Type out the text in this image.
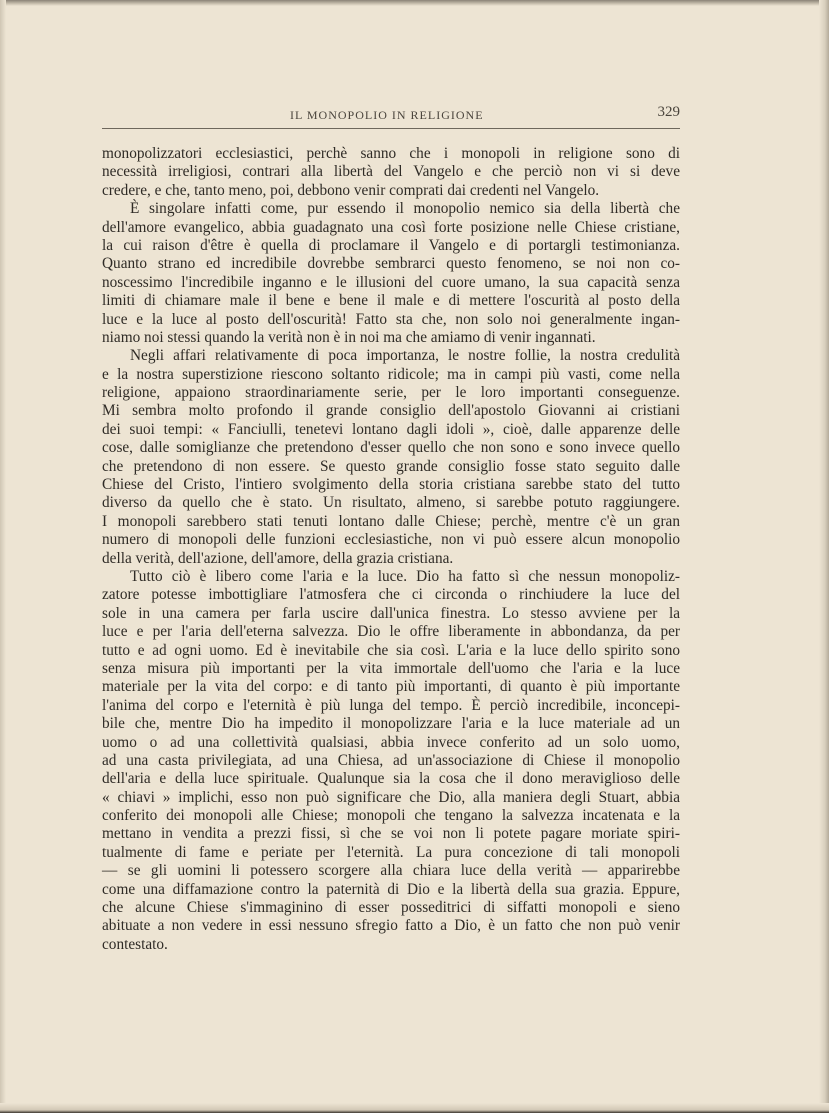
IL MONOPOLIO IN RELIGIONE	329
monopolizzatori ecclesiastici, perchè sanno che i monopoli in religione sono di
necessità irreligiosi, contrari alla libertà del Vangelo e che perciò non vi si deve
credere, e che, tanto meno, poi, debbono venir comprati dai credenti nel Vangelo.
È singolare infatti come, pur essendo il monopolio nemico sia della libertà che
dell'amore evangelico, abbia guadagnato una così forte posizione nelle Chiese cristiane,
la cui raison d'être è quella di proclamare il Vangelo e di portargli testimonianza.
Quanto strano ed incredibile dovrebbe sembrarci questo fenomeno, se noi non co-
noscessimo l'incredibile inganno e le illusioni del cuore umano, la sua capacità senza
limiti di chiamare male il bene e bene il male e di mettere l'oscurità al posto della
luce e la luce al posto dell'oscurità! Fatto sta che, non solo noi generalmente ingan-
niamo noi stessi quando la verità non è in noi ma che amiamo di venir ingannati.
Negli affari relativamente di poca importanza, le nostre follie, la nostra credulità
e la nostra superstizione riescono soltanto ridicole; ma in campi più vasti, come nella
religione, appaiono straordinariamente serie, per le loro importanti conseguenze.
Mi sembra molto profondo il grande consiglio dell'apostolo Giovanni ai cristiani
dei suoi tempi: « Fanciulli, tenetevi lontano dagli idoli », cioè, dalle apparenze delle
cose, dalle somiglianze che pretendono d'esser quello che non sono e sono invece quello
che pretendono di non essere. Se questo grande consiglio fosse stato seguito dalle
Chiese del Cristo, l'intiero svolgimento della storia cristiana sarebbe stato del tutto
diverso da quello che è stato. Un risultato, almeno, si sarebbe potuto raggiungere.
I monopoli sarebbero stati tenuti lontano dalle Chiese; perchè, mentre c'è un gran
numero di monopoli delle funzioni ecclesiastiche, non vi può essere alcun monopolio
della verità, dell'azione, dell'amore, della grazia cristiana.
Tutto ciò è libero come l'aria e la luce. Dio ha fatto sì che nessun monopoliz-
zatore potesse imbottigliare l'atmosfera che ci circonda o rinchiudere la luce del
sole in una camera per farla uscire dall'unica finestra. Lo stesso avviene per la
luce e per l'aria dell'eterna salvezza. Dio le offre liberamente in abbondanza, da per
tutto e ad ogni uomo. Ed è inevitabile che sia così. L'aria e la luce dello spirito sono
senza misura più importanti per la vita immortale dell'uomo che l'aria e la luce
materiale per la vita del corpo: e di tanto più importanti, di quanto è più importante
l'anima del corpo e l'eternità è più lunga del tempo. È perciò incredibile, inconcepi-
bile che, mentre Dio ha impedito il monopolizzare l'aria e la luce materiale ad un
uomo o ad una collettività qualsiasi, abbia invece conferito ad un solo uomo,
ad una casta privilegiata, ad una Chiesa, ad un'associazione di Chiese il monopolio
dell'aria e della luce spirituale. Qualunque sia la cosa che il dono meraviglioso delle
« chiavi » implichi, esso non può significare che Dio, alla maniera degli Stuart, abbia
conferito dei monopoli alle Chiese; monopoli che tengano la salvezza incatenata e la
mettano in vendita a prezzi fissi, sì che se voi non li potete pagare moriate spiri-
tualmente di fame e periate per l'eternità. La pura concezione di tali monopoli
— se gli uomini li potessero scorgere alla chiara luce della verità — apparirebbe
come una diffamazione contro la paternità di Dio e la libertà della sua grazia. Eppure,
che alcune Chiese s'immaginino di esser posseditrici di siffatti monopoli e sieno
abituate a non vedere in essi nessuno sfregio fatto a Dio, è un fatto che non può venir
contestato.
